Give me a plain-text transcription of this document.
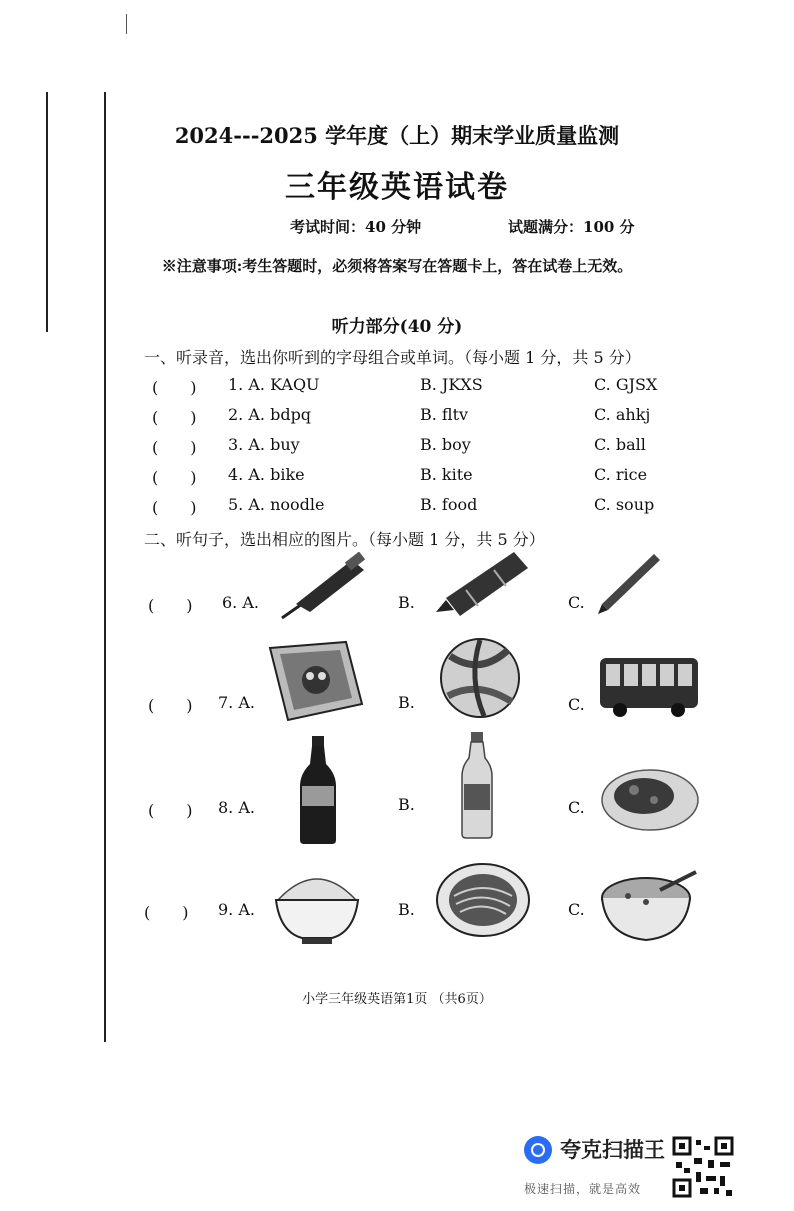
2024---2025 学年度（上）期末学业质量监测
三年级英语试卷
考试时间：40 分钟	试题满分：100 分
※注意事项:考生答题时，必须将答案写在答题卡上，答在试卷上无效。
听力部分(40 分)
一、听录音，选出你听到的字母组合或单词。（每小题 1 分，共 5 分）
(　　) 1. A. KAQU	B. JKXS	C. GJSX
(　　) 2. A. bdpq	B. fltv	C. ahkj
(　　) 3. A. buy	B. boy	C. ball
(　　) 4. A. bike	B. kite	C. rice
(　　) 5. A. noodle	B. food	C. soup
二、听句子，选出相应的图片。（每小题 1 分，共 5 分）
(　　) 6. A.	B.	C.
(　　) 7. A.	B.	C.
(　　) 8. A.	B.	C.
(　　) 9. A.	B.	C.
小学三年级英语第1页 （共6页）
夸克扫描王
极速扫描，就是高效
